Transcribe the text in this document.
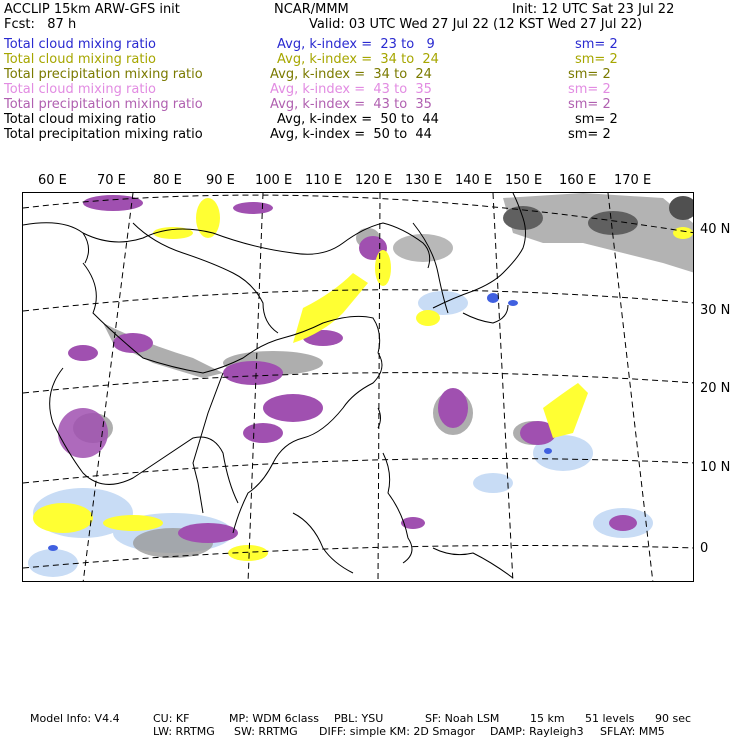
ACCLIP 15km ARW-GFS init	NCAR/MMM	Init: 12 UTC Sat 23 Jul 22
Fcst:   87 h	Valid: 03 UTC Wed 27 Jul 22 (12 KST Wed 27 Jul 22)
Total cloud mixing ratio	Avg, k-index =  23 to   9	sm= 2
Total cloud mixing ratio	Avg, k-index =  34 to  24	sm= 2
Total precipitation mixing ratio	Avg, k-index =  34 to  24	sm= 2
Total cloud mixing ratio	Avg, k-index =  43 to  35	sm= 2
Total precipitation mixing ratio	Avg, k-index =  43 to  35	sm= 2
Total cloud mixing ratio	Avg, k-index =  50 to  44	sm= 2
Total precipitation mixing ratio	Avg, k-index =  50 to  44	sm= 2
60 E 70 E 80 E 90 E 100 E 110 E 120 E 130 E 140 E 150 E 160 E 170 E
40 N
30 N
20 N
10 N
0
Model Info: V4.4	CU: KF	MP: WDM 6class PBL: YSU	SF: Noah LSM	15 km 51 levels 90 sec
LW: RRTMG SW: RRTMG DIFF: simple KM: 2D Smagor DAMP: Rayleigh3 SFLAY: MM5
